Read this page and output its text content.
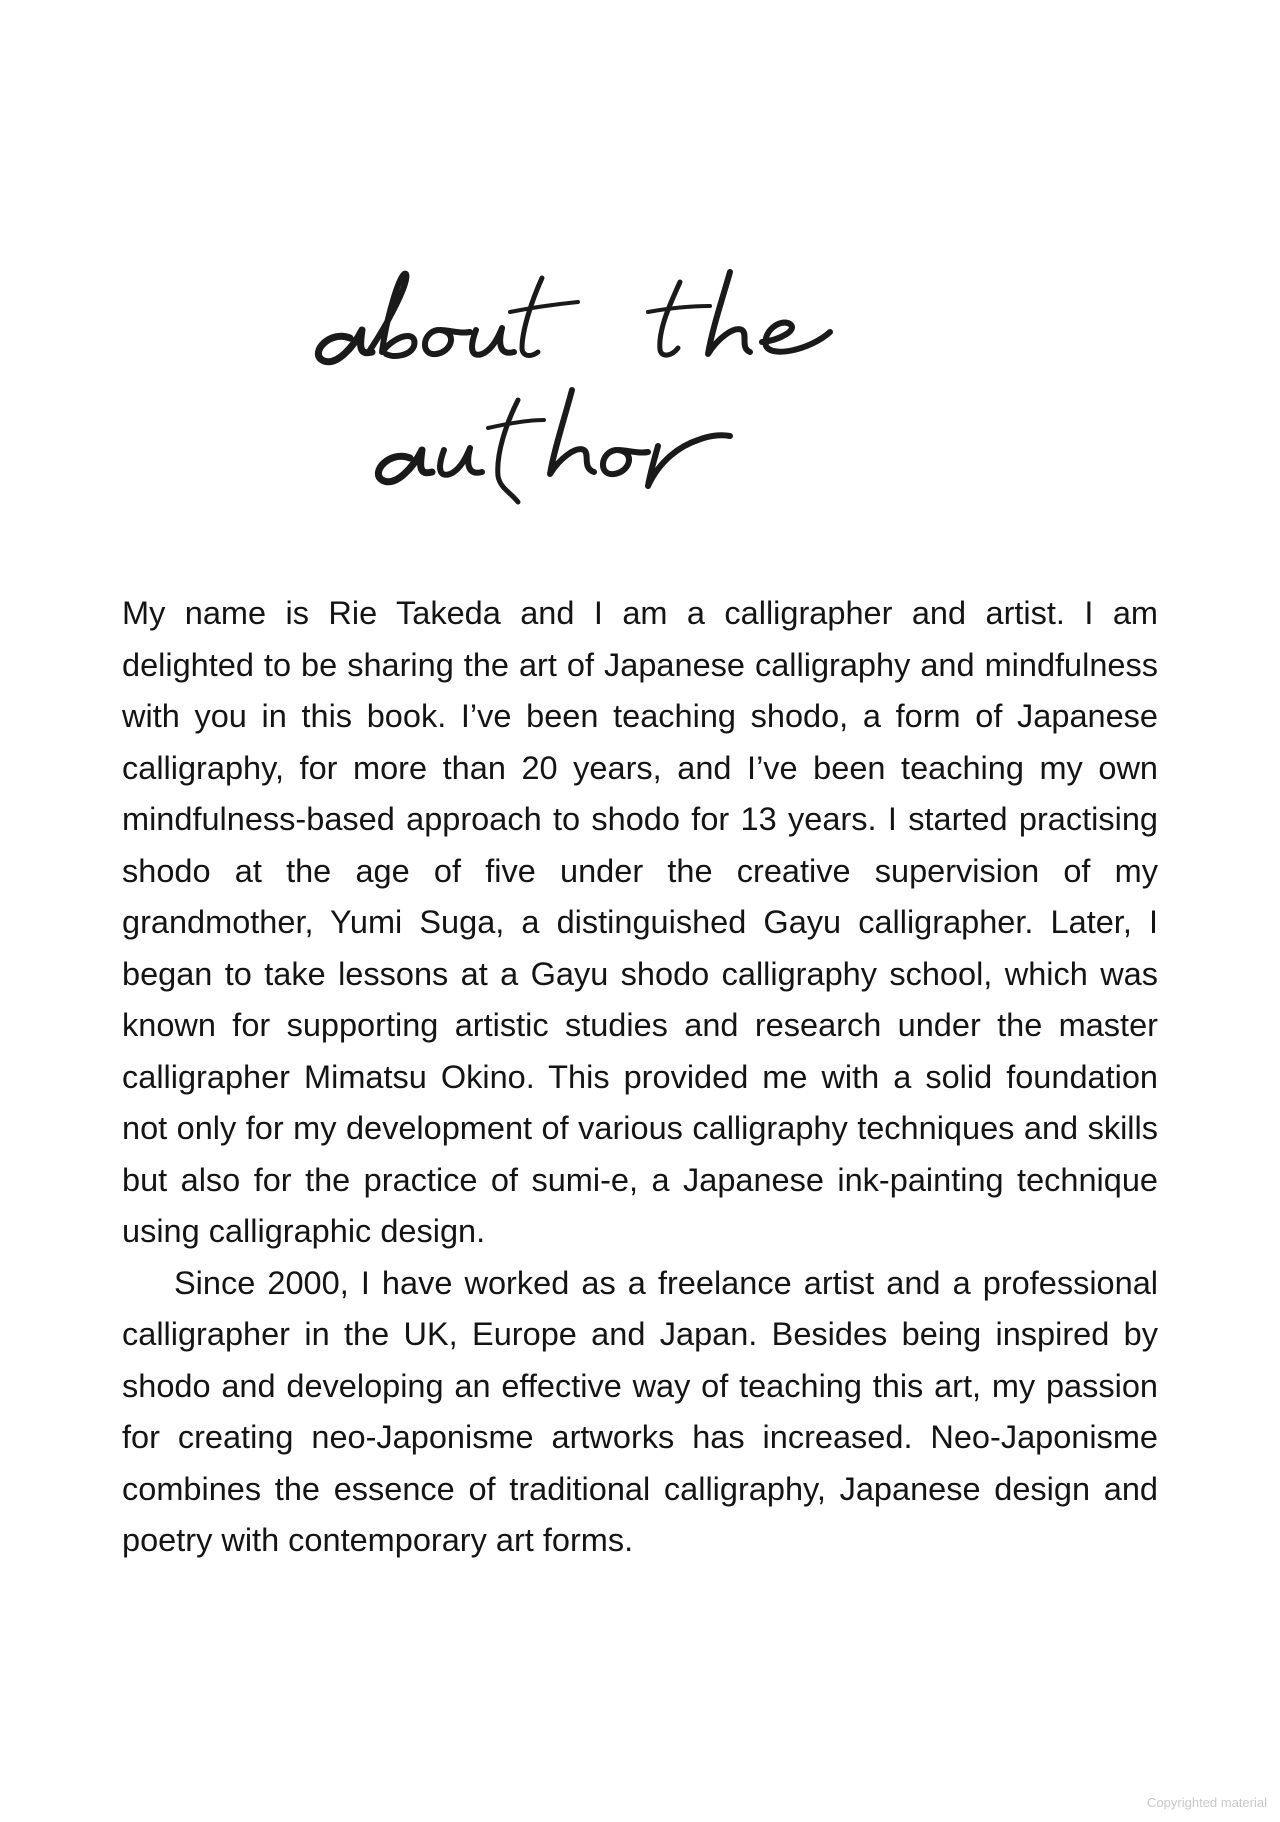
My name is Rie Takeda and I am a calligrapher and artist. I am delighted to be sharing the art of Japanese calligraphy and mindfulness with you in this book. I’ve been teaching shodo, a form of Japanese calligraphy, for more than 20 years, and I’ve been teaching my own mindfulness-based approach to shodo for 13 years. I started practising shodo at the age of five under the creative supervision of my grandmother, Yumi Suga, a distinguished Gayu calligrapher. Later, I began to take lessons at a Gayu shodo calligraphy school, which was known for supporting artistic studies and research under the master calligrapher Mimatsu Okino. This provided me with a solid foundation not only for my development of various calligraphy techniques and skills but also for the practice of sumi-e, a Japanese ink-painting technique using calligraphic design.

Since 2000, I have worked as a freelance artist and a professional calligrapher in the UK, Europe and Japan. Besides being inspired by shodo and developing an effective way of teaching this art, my passion for creating neo-Japonisme artworks has increased. Neo-Japonisme combines the essence of traditional calligraphy, Japanese design and poetry with contemporary art forms.

Copyrighted material
